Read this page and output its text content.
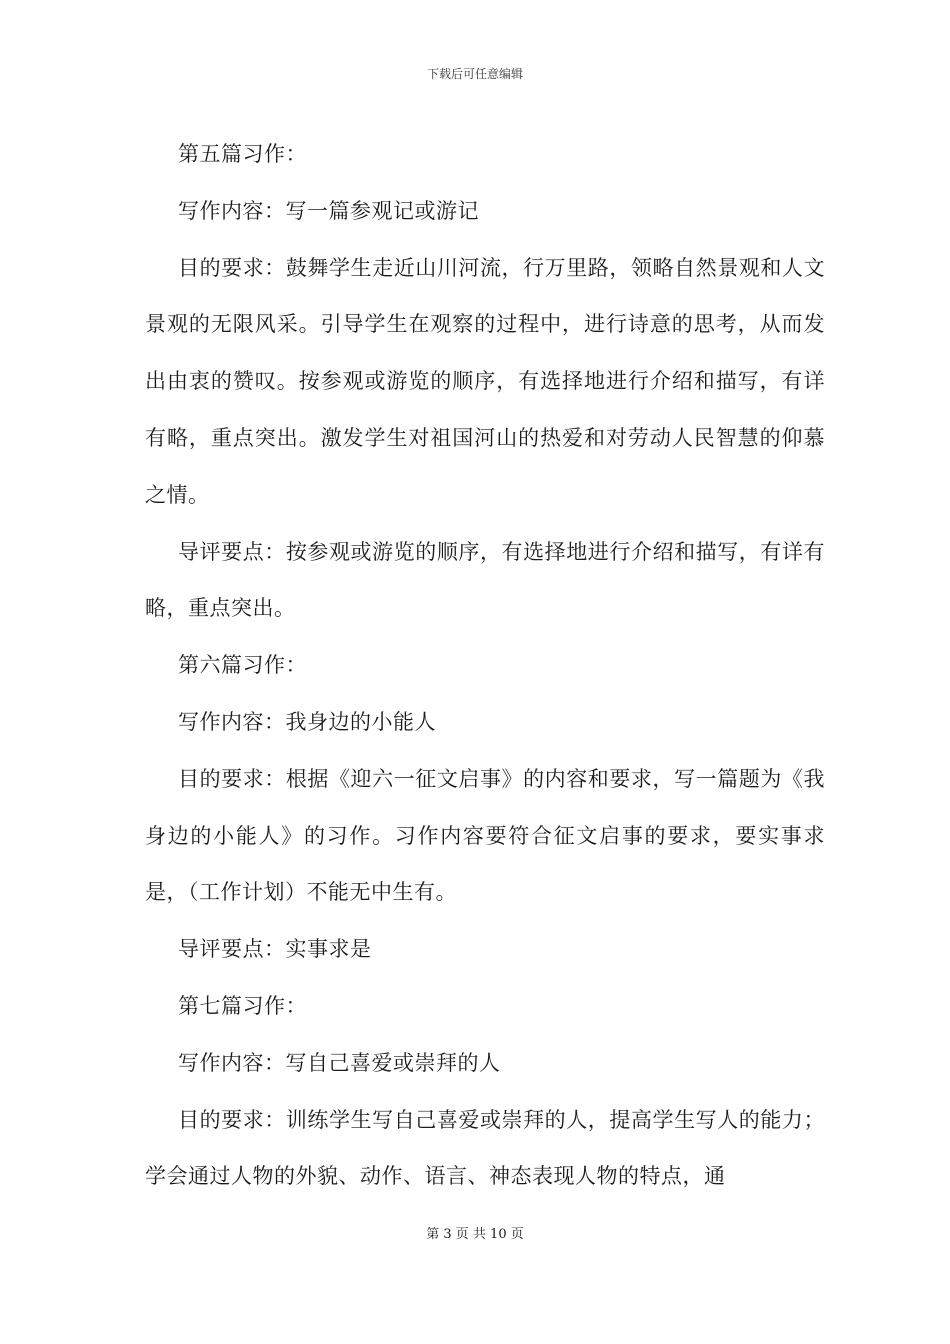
下载后可任意编辑

第五篇习作：

写作内容：写一篇参观记或游记

目的要求：鼓舞学生走近山川河流，行万里路，领略自然景观和人文景观的无限风采。引导学生在观察的过程中，进行诗意的思考，从而发出由衷的赞叹。按参观或游览的顺序，有选择地进行介绍和描写，有详有略，重点突出。激发学生对祖国河山的热爱和对劳动人民智慧的仰慕之情。

导评要点：按参观或游览的顺序，有选择地进行介绍和描写，有详有略，重点突出。

第六篇习作：

写作内容：我身边的小能人

目的要求：根据《迎六一征文启事》的内容和要求，写一篇题为《我身边的小能人》的习作。习作内容要符合征文启事的要求，要实事求是，（工作计划）不能无中生有。

导评要点：实事求是

第七篇习作：

写作内容：写自己喜爱或崇拜的人

目的要求：训练学生写自己喜爱或崇拜的人，提高学生写人的能力；学会通过人物的外貌、动作、语言、神态表现人物的特点，通

第 3 页 共 10 页
